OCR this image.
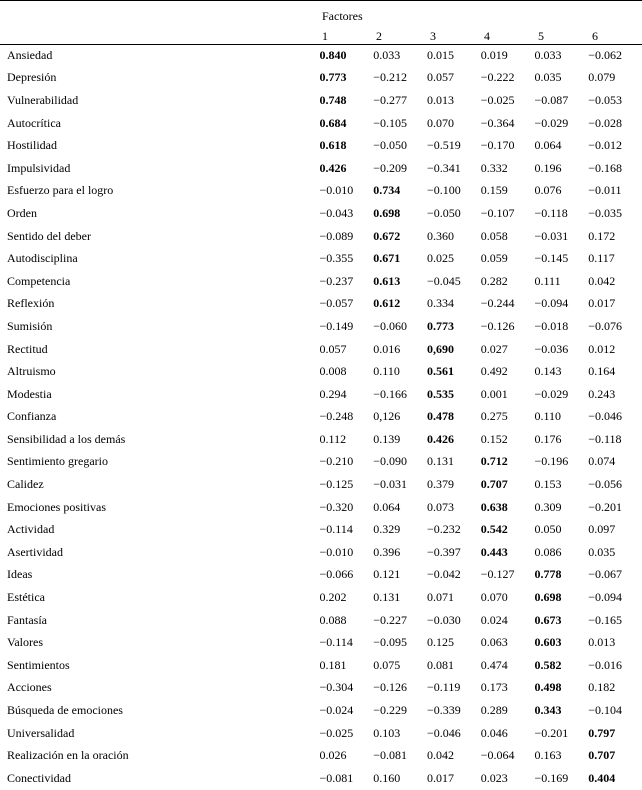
Factores
1	2	3	4	5	6
Ansiedad	0.840	0.033	0.015	0.019	0.033	−0.062
Depresión	0.773	−0.212	0.057	−0.222	0.035	0.079
Vulnerabilidad	0.748	−0.277	0.013	−0.025	−0.087	−0.053
Autocrítica	0.684	−0.105	0.070	−0.364	−0.029	−0.028
Hostilidad	0.618	−0.050	−0.519	−0.170	0.064	−0.012
Impulsividad	0.426	−0.209	−0.341	0.332	0.196	−0.168
Esfuerzo para el logro	−0.010	0.734	−0.100	0.159	0.076	−0.011
Orden	−0.043	0.698	−0.050	−0.107	−0.118	−0.035
Sentido del deber	−0.089	0.672	0.360	0.058	−0.031	0.172
Autodisciplina	−0.355	0.671	0.025	0.059	−0.145	0.117
Competencia	−0.237	0.613	−0.045	0.282	0.111	0.042
Reflexión	−0.057	0.612	0.334	−0.244	−0.094	0.017
Sumisión	−0.149	−0.060	0.773	−0.126	−0.018	−0.076
Rectitud	0.057	0.016	0,690	0.027	−0.036	0.012
Altruismo	0.008	0.110	0.561	0.492	0.143	0.164
Modestia	0.294	−0.166	0.535	0.001	−0.029	0.243
Confianza	−0.248	0,126	0.478	0.275	0.110	−0.046
Sensibilidad a los demás	0.112	0.139	0.426	0.152	0.176	−0.118
Sentimiento gregario	−0.210	−0.090	0.131	0.712	−0.196	0.074
Calidez	−0.125	−0.031	0.379	0.707	0.153	−0.056
Emociones positivas	−0.320	0.064	0.073	0.638	0.309	−0.201
Actividad	−0.114	0.329	−0.232	0.542	0.050	0.097
Asertividad	−0.010	0.396	−0.397	0.443	0.086	0.035
Ideas	−0.066	0.121	−0.042	−0.127	0.778	−0.067
Estética	0.202	0.131	0.071	0.070	0.698	−0.094
Fantasía	0.088	−0.227	−0.030	0.024	0.673	−0.165
Valores	−0.114	−0.095	0.125	0.063	0.603	0.013
Sentimientos	0.181	0.075	0.081	0.474	0.582	−0.016
Acciones	−0.304	−0.126	−0.119	0.173	0.498	0.182
Búsqueda de emociones	−0.024	−0.229	−0.339	0.289	0.343	−0.104
Universalidad	−0.025	0.103	−0.046	0.046	−0.201	0.797
Realización en la oración	0.026	−0.081	0.042	−0.064	0.163	0.707
Conectividad	−0.081	0.160	0.017	0.023	−0.169	0.404
